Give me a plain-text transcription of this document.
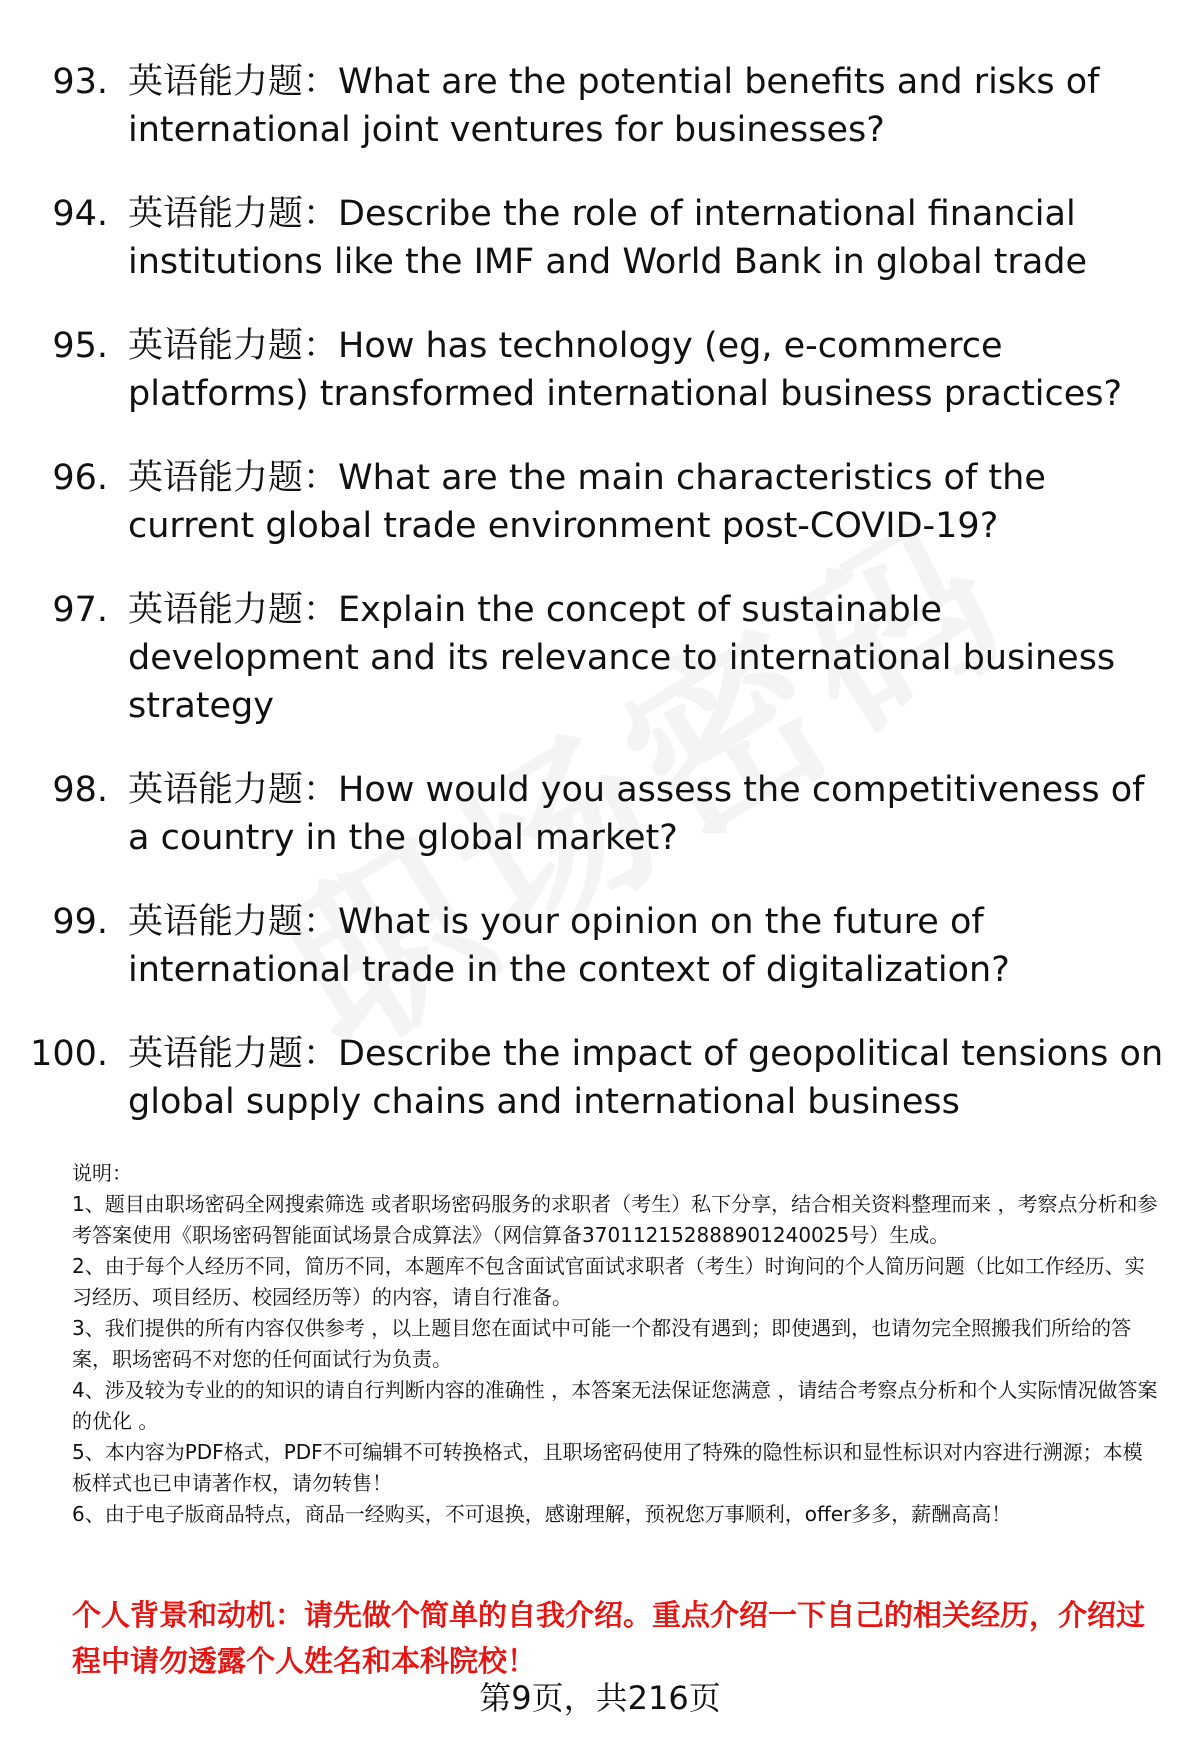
93. 英语能力题：What are the potential benefits and risks of international joint ventures for businesses?
94. 英语能力题：Describe the role of international financial institutions like the IMF and World Bank in global trade
95. 英语能力题：How has technology (eg, e-commerce platforms) transformed international business practices?
96. 英语能力题：What are the main characteristics of the current global trade environment post-COVID-19?
97. 英语能力题：Explain the concept of sustainable development and its relevance to international business strategy
98. 英语能力题：How would you assess the competitiveness of a country in the global market?
99. 英语能力题：What is your opinion on the future of international trade in the context of digitalization?
100. 英语能力题：Describe the impact of geopolitical tensions on global supply chains and international business

说明：

1、题目由职场密码全网搜索筛选 或者职场密码服务的求职者（考生）私下分享，结合相关资料整理而来 ，考察点分析和参考答案使用《职场密码智能面试场景合成算法》（网信算备370112152888901240025号）生成。

2、由于每个人经历不同，简历不同，本题库不包含面试官面试求职者（考生）时询问的个人简历问题（比如工作经历、实习经历、项目经历、校园经历等）的内容，请自行准备。

3、我们提供的所有内容仅供参考 ，以上题目您在面试中可能一个都没有遇到；即使遇到，也请勿完全照搬我们所给的答案，职场密码不对您的任何面试行为负责。

4、涉及较为专业的的知识的请自行判断内容的准确性 ，本答案无法保证您满意 ，请结合考察点分析和个人实际情况做答案的优化 。

5、本内容为PDF格式，PDF不可编辑不可转换格式，且职场密码使用了特殊的隐性标识和显性标识对内容进行溯源；本模板样式也已申请著作权，请勿转售！

6、由于电子版商品特点，商品一经购买，不可退换，感谢理解，预祝您万事顺利，offer多多，薪酬高高！

个人背景和动机：请先做个简单的自我介绍。重点介绍一下自己的相关经历，介绍过程中请勿透露个人姓名和本科院校！
第9页，共216页
